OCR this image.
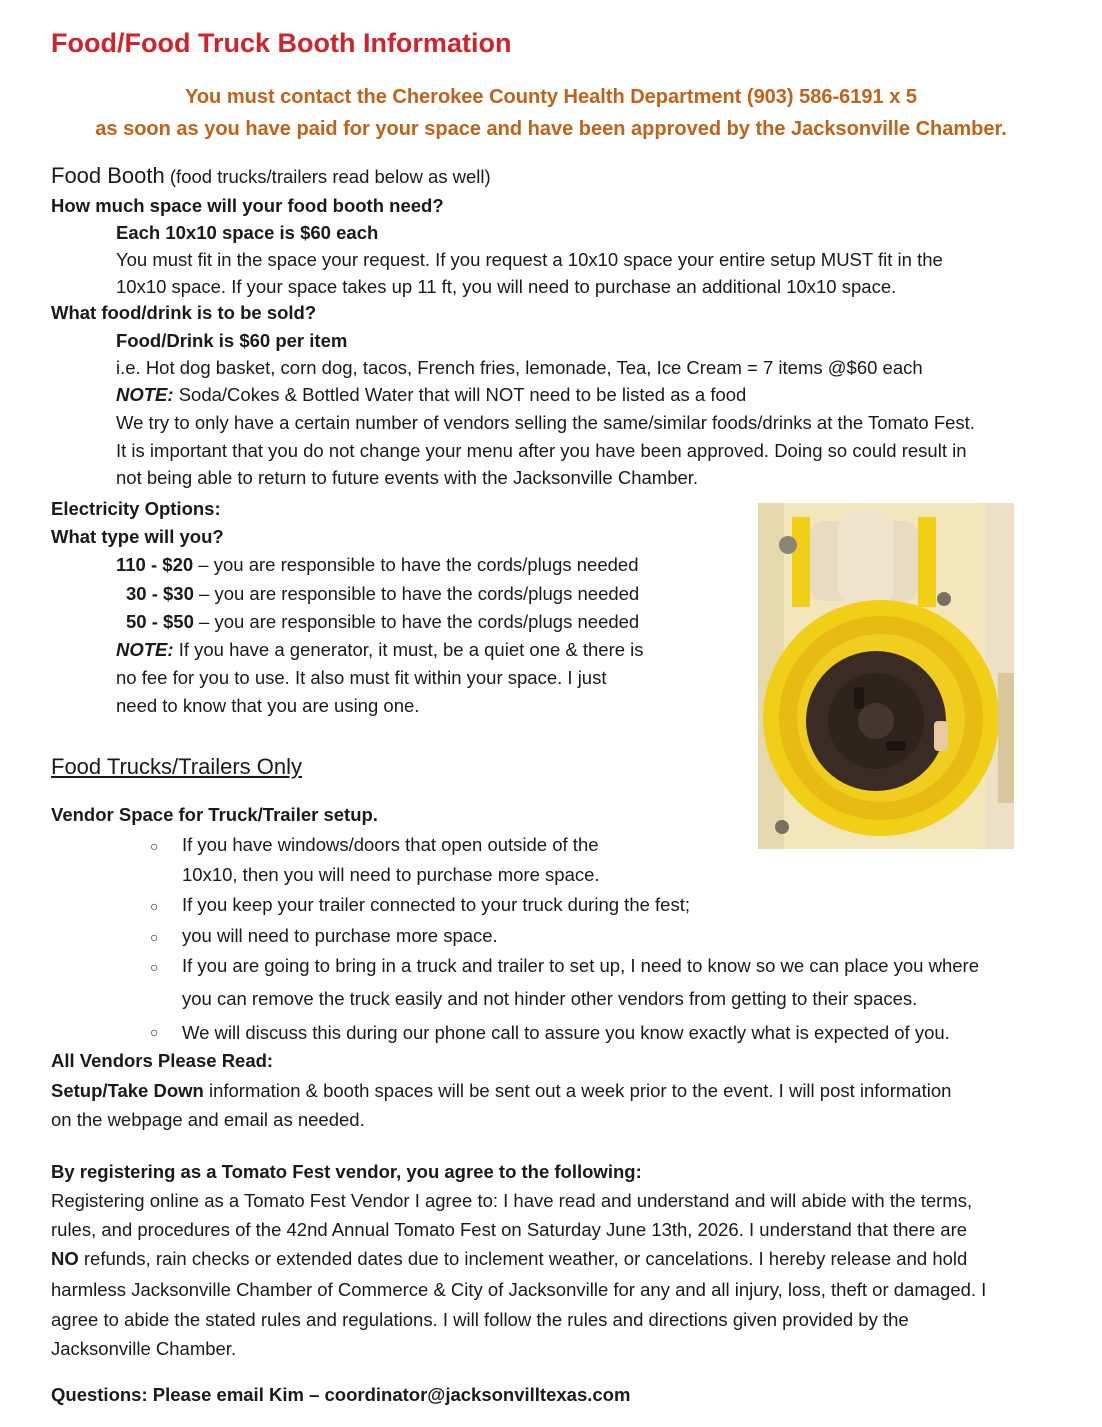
Food/Food Truck Booth Information
You must contact the Cherokee County Health Department (903) 586-6191 x 5
as soon as you have paid for your space and have been approved by the Jacksonville Chamber.
Food Booth (food trucks/trailers read below as well)
How much space will your food booth need?
Each 10x10 space is $60 each
You must fit in the space your request. If you request a 10x10 space your entire setup MUST fit in the
10x10 space. If your space takes up 11 ft, you will need to purchase an additional 10x10 space.
What food/drink is to be sold?
Food/Drink is $60 per item
i.e. Hot dog basket, corn dog, tacos, French fries, lemonade, Tea, Ice Cream = 7 items @$60 each
NOTE: Soda/Cokes & Bottled Water that will NOT need to be listed as a food
We try to only have a certain number of vendors selling the same/similar foods/drinks at the Tomato Fest.
It is important that you do not change your menu after you have been approved. Doing so could result in
not being able to return to future events with the Jacksonville Chamber.
Electricity Options:
What type will you?
110 - $20 – you are responsible to have the cords/plugs needed
30 - $30 – you are responsible to have the cords/plugs needed
50 - $50 – you are responsible to have the cords/plugs needed
NOTE: If you have a generator, it must, be a quiet one & there is
no fee for you to use. It also must fit within your space. I just
need to know that you are using one.
Food Trucks/Trailers Only
Vendor Space for Truck/Trailer setup.
○ If you have windows/doors that open outside of the
10x10, then you will need to purchase more space.
○ If you keep your trailer connected to your truck during the fest;
○ you will need to purchase more space.
○ If you are going to bring in a truck and trailer to set up, I need to know so we can place you where
you can remove the truck easily and not hinder other vendors from getting to their spaces.
○ We will discuss this during our phone call to assure you know exactly what is expected of you.
All Vendors Please Read:
Setup/Take Down information & booth spaces will be sent out a week prior to the event. I will post information
on the webpage and email as needed.
By registering as a Tomato Fest vendor, you agree to the following:
Registering online as a Tomato Fest Vendor I agree to: I have read and understand and will abide with the terms,
rules, and procedures of the 42nd Annual Tomato Fest on Saturday June 13th, 2026. I understand that there are
NO refunds, rain checks or extended dates due to inclement weather, or cancelations. I hereby release and hold
harmless Jacksonville Chamber of Commerce & City of Jacksonville for any and all injury, loss, theft or damaged. I
agree to abide the stated rules and regulations. I will follow the rules and directions given provided by the
Jacksonville Chamber.
Questions: Please email Kim – coordinator@jacksonvilltexas.com
